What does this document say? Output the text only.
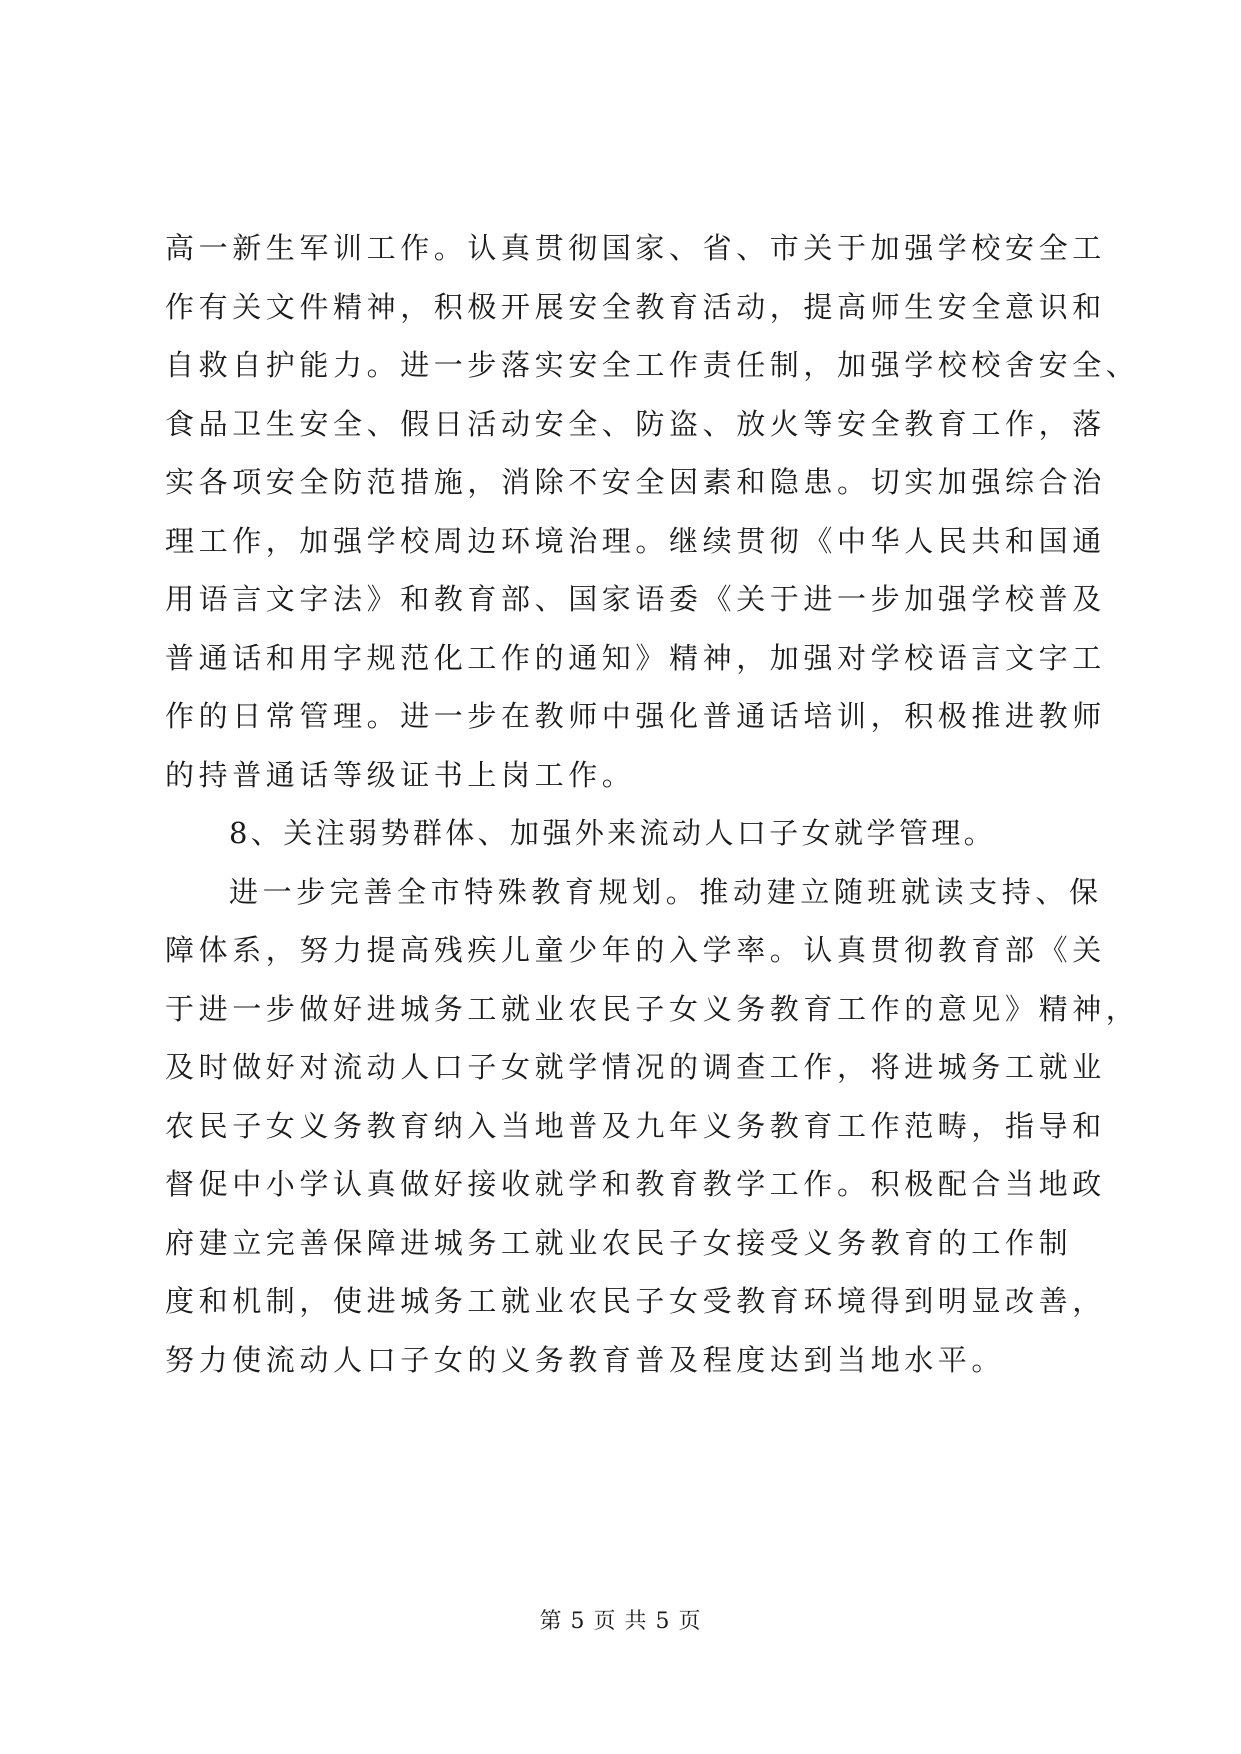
高一新生军训工作。认真贯彻国家、省、市关于加强学校安全工
作有关文件精神，积极开展安全教育活动，提高师生安全意识和
自救自护能力。进一步落实安全工作责任制，加强学校校舍安全、
食品卫生安全、假日活动安全、防盗、放火等安全教育工作，落
实各项安全防范措施，消除不安全因素和隐患。切实加强综合治
理工作，加强学校周边环境治理。继续贯彻《中华人民共和国通
用语言文字法》和教育部、国家语委《关于进一步加强学校普及
普通话和用字规范化工作的通知》精神，加强对学校语言文字工
作的日常管理。进一步在教师中强化普通话培训，积极推进教师
的持普通话等级证书上岗工作。
8、关注弱势群体、加强外来流动人口子女就学管理。
进一步完善全市特殊教育规划。推动建立随班就读支持、保
障体系，努力提高残疾儿童少年的入学率。认真贯彻教育部《关
于进一步做好进城务工就业农民子女义务教育工作的意见》精神，
及时做好对流动人口子女就学情况的调查工作，将进城务工就业
农民子女义务教育纳入当地普及九年义务教育工作范畴，指导和
督促中小学认真做好接收就学和教育教学工作。积极配合当地政
府建立完善保障进城务工就业农民子女接受义务教育的工作制
度和机制，使进城务工就业农民子女受教育环境得到明显改善，
努力使流动人口子女的义务教育普及程度达到当地水平。
第 5 页 共 5 页
